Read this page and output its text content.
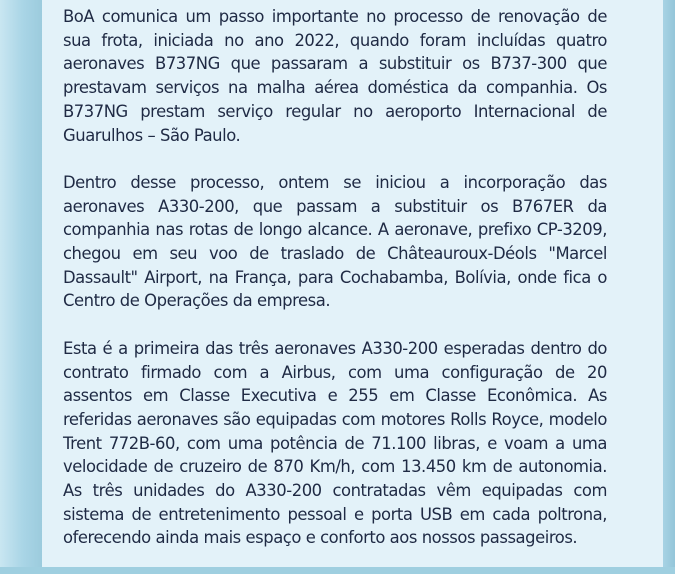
BoA comunica um passo importante no processo de renovação de sua frota, iniciada no ano 2022, quando foram incluídas quatro aeronaves B737NG que passaram a substituir os B737-300 que prestavam serviços na malha aérea doméstica da companhia. Os B737NG prestam serviço regular no aeroporto Internacional de Guarulhos – São Paulo.

Dentro desse processo, ontem se iniciou a incorporação das aeronaves A330-200, que passam a substituir os B767ER da companhia nas rotas de longo alcance. A aeronave, prefixo CP-3209, chegou em seu voo de traslado de Châteauroux-Déols "Marcel Dassault" Airport, na França, para Cochabamba, Bolívia, onde fica o Centro de Operações da empresa.

Esta é a primeira das três aeronaves A330-200 esperadas dentro do contrato firmado com a Airbus, com uma configuração de 20 assentos em Classe Executiva e 255 em Classe Econômica. As referidas aeronaves são equipadas com motores Rolls Royce, modelo Trent 772B-60, com uma potência de 71.100 libras, e voam a uma velocidade de cruzeiro de 870 Km/h, com 13.450 km de autonomia. As três unidades do A330-200 contratadas vêm equipadas com sistema de entretenimento pessoal e porta USB em cada poltrona, oferecendo ainda mais espaço e conforto aos nossos passageiros.
